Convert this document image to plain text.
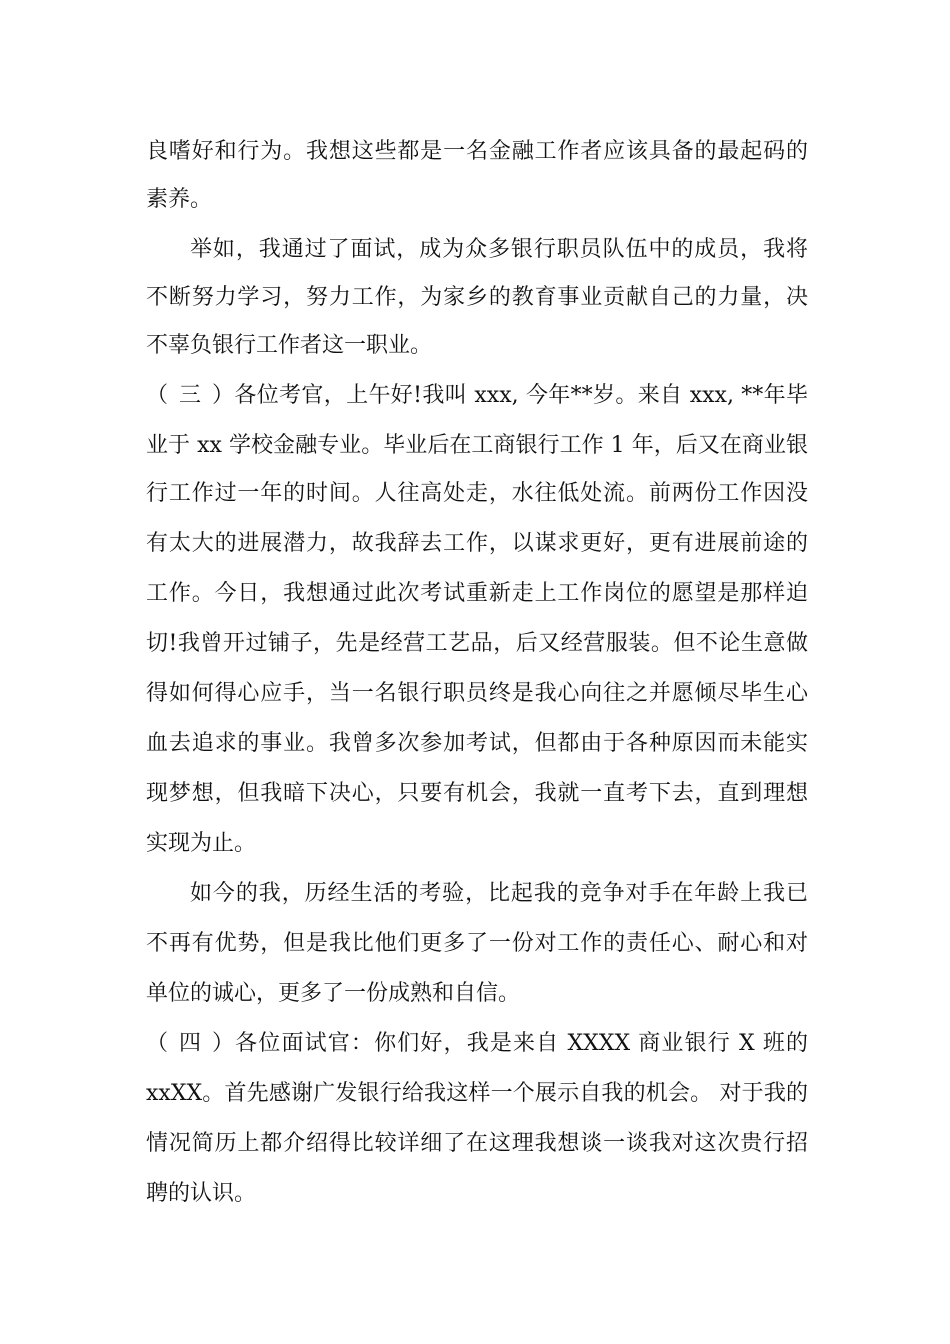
良嗜好和行为。我想这些都是一名金融工作者应该具备的最起码的
素养。
举如，我通过了面试，成为众多银行职员队伍中的成员，我将
不断努力学习，努力工作，为家乡的教育事业贡献自己的力量，决
不辜负银行工作者这一职业。
（三）各位考官，上午好!我叫 xxx, 今年**岁。来自 xxx, **年毕
业于 xx 学校金融专业。毕业后在工商银行工作 1 年，后又在商业银
行工作过一年的时间。人往高处走，水往低处流。前两份工作因没
有太大的进展潜力，故我辞去工作，以谋求更好，更有进展前途的
工作。今日，我想通过此次考试重新走上工作岗位的愿望是那样迫
切!我曾开过铺子，先是经营工艺品，后又经营服装。但不论生意做
得如何得心应手，当一名银行职员终是我心向往之并愿倾尽毕生心
血去追求的事业。我曾多次参加考试，但都由于各种原因而未能实
现梦想，但我暗下决心，只要有机会，我就一直考下去，直到理想
实现为止。
如今的我，历经生活的考验，比起我的竞争对手在年龄上我已
不再有优势，但是我比他们更多了一份对工作的责任心、耐心和对
单位的诚心，更多了一份成熟和自信。
（四）各位面试官：你们好，我是来自 XXXX 商业银行 X 班的
xxXX。首先感谢广发银行给我这样一个展示自我的机会。 对于我的
情况简历上都介绍得比较详细了在这理我想谈一谈我对这次贵行招
聘的认识。
